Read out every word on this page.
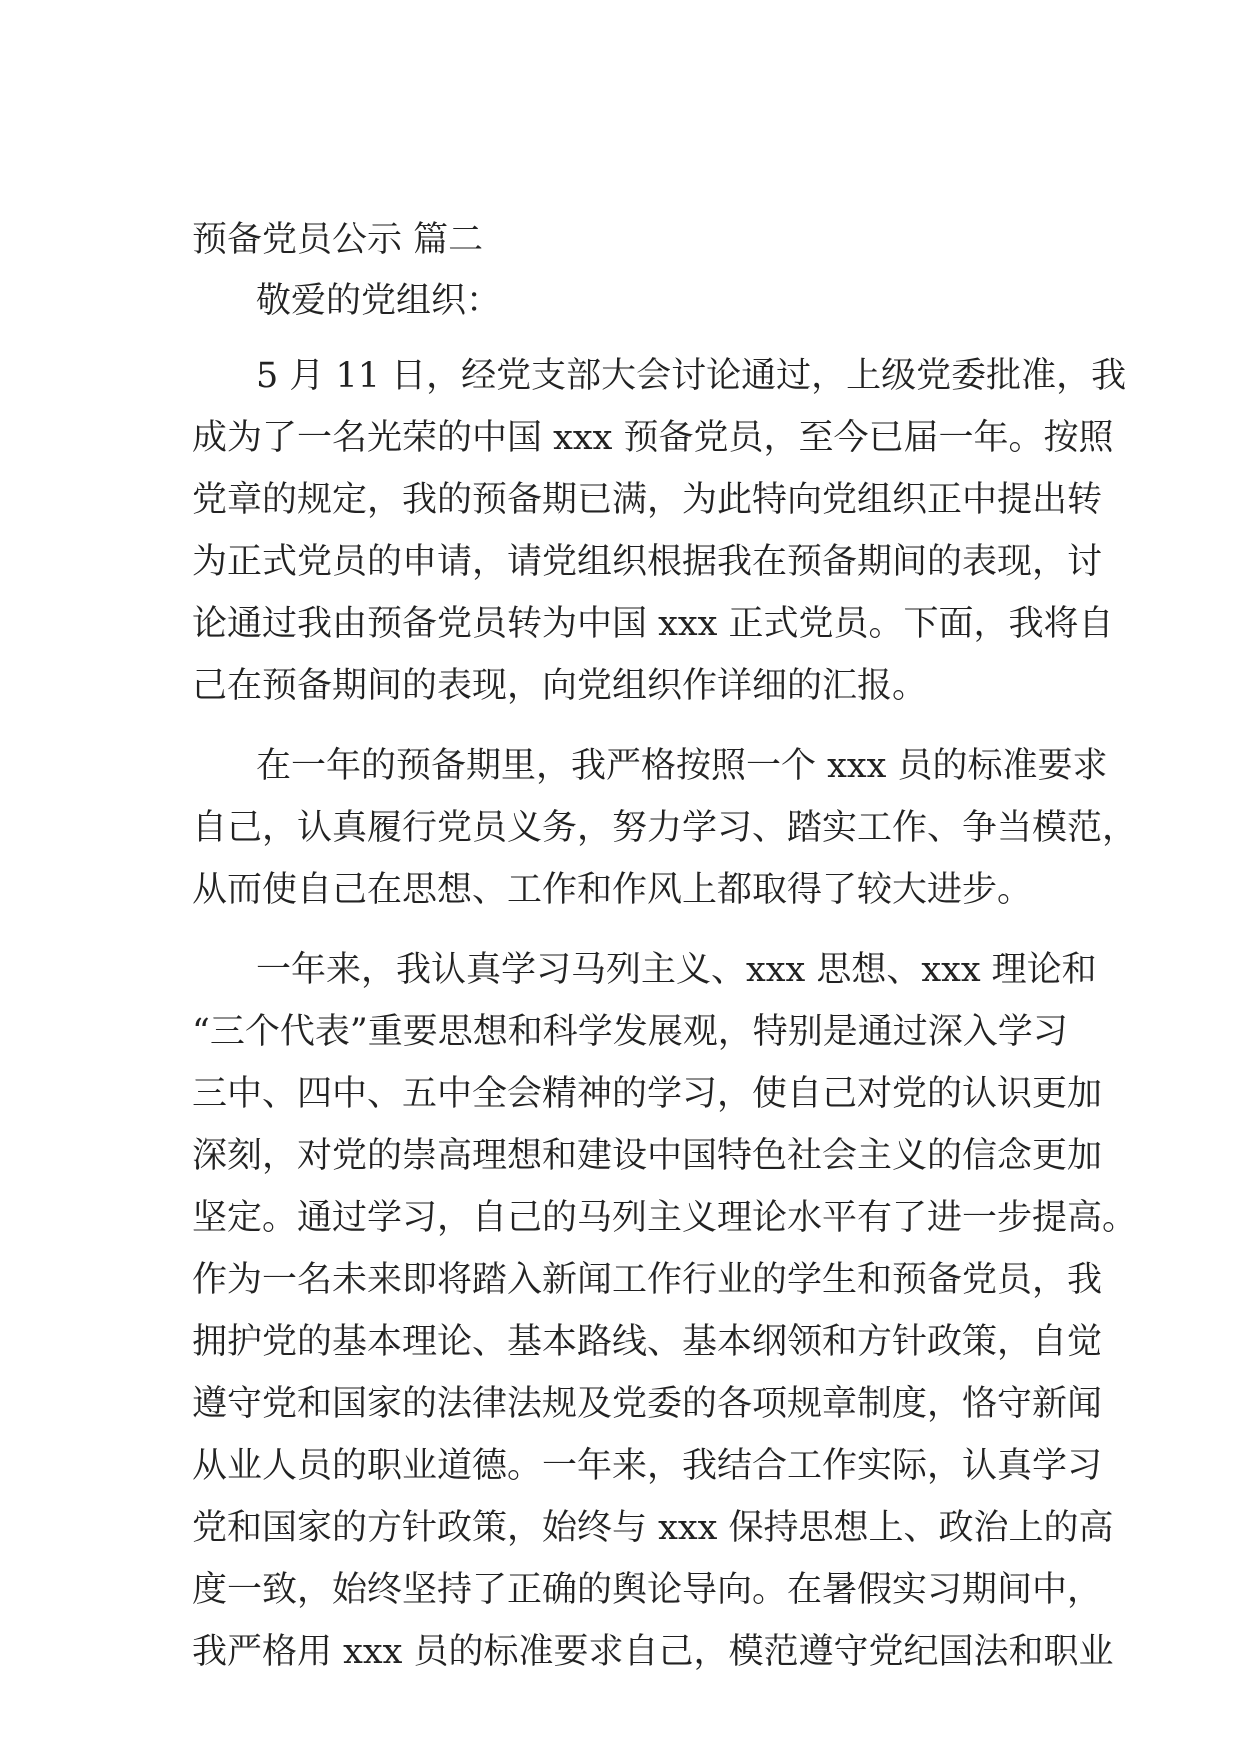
预备党员公示 篇二
敬爱的党组织：
5 月 11 日，经党支部大会讨论通过，上级党委批准，我
成为了一名光荣的中国 xxx 预备党员，至今已届一年。按照
党章的规定，我的预备期已满，为此特向党组织正中提出转
为正式党员的申请，请党组织根据我在预备期间的表现，讨
论通过我由预备党员转为中国 xxx 正式党员。下面，我将自
己在预备期间的表现，向党组织作详细的汇报。
在一年的预备期里，我严格按照一个 xxx 员的标准要求
自己，认真履行党员义务，努力学习、踏实工作、争当模范，
从而使自己在思想、工作和作风上都取得了较大进步。
一年来，我认真学习马列主义、xxx 思想、xxx 理论和
“三个代表”重要思想和科学发展观，特别是通过深入学习
三中、四中、五中全会精神的学习，使自己对党的认识更加
深刻，对党的崇高理想和建设中国特色社会主义的信念更加
坚定。通过学习，自己的马列主义理论水平有了进一步提高。
作为一名未来即将踏入新闻工作行业的学生和预备党员，我
拥护党的基本理论、基本路线、基本纲领和方针政策，自觉
遵守党和国家的法律法规及党委的各项规章制度，恪守新闻
从业人员的职业道德。一年来，我结合工作实际，认真学习
党和国家的方针政策，始终与 xxx 保持思想上、政治上的高
度一致，始终坚持了正确的舆论导向。在暑假实习期间中，
我严格用 xxx 员的标准要求自己，模范遵守党纪国法和职业
